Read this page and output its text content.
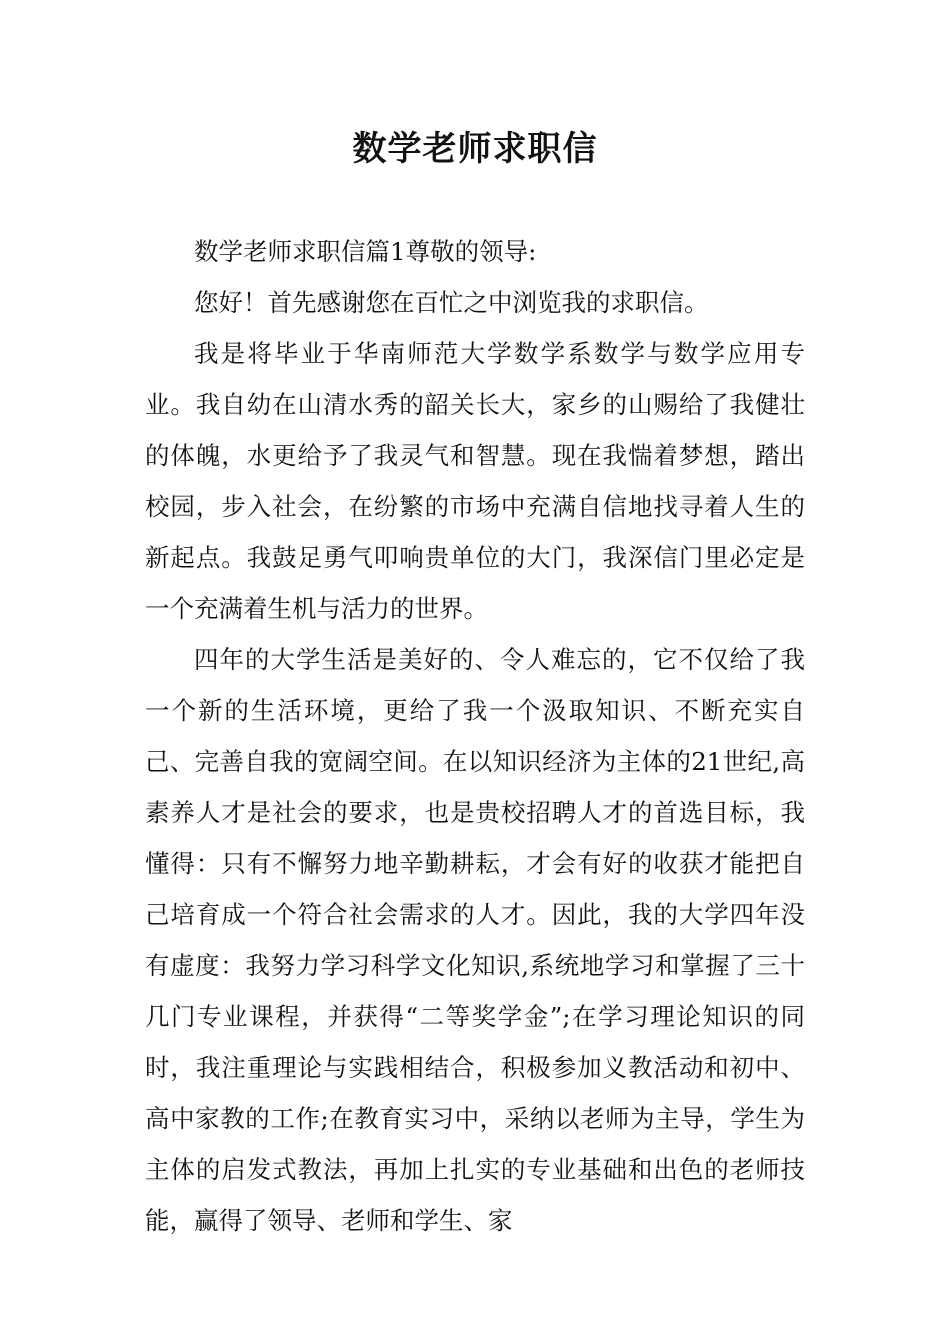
数学老师求职信

数学老师求职信篇1尊敬的领导:

您好！首先感谢您在百忙之中浏览我的求职信。

我是将毕业于华南师范大学数学系数学与数学应用专业。我自幼在山清水秀的韶关长大，家乡的山赐给了我健壮的体魄，水更给予了我灵气和智慧。现在我惴着梦想，踏出校园，步入社会，在纷繁的市场中充满自信地找寻着人生的新起点。我鼓足勇气叩响贵单位的大门，我深信门里必定是一个充满着生机与活力的世界。

四年的大学生活是美好的、令人难忘的，它不仅给了我一个新的生活环境，更给了我一个汲取知识、不断充实自己、完善自我的宽阔空间。在以知识经济为主体的21世纪,高素养人才是社会的要求，也是贵校招聘人才的首选目标，我懂得：只有不懈努力地辛勤耕耘，才会有好的收获才能把自己培育成一个符合社会需求的人才。因此，我的大学四年没有虚度：我努力学习科学文化知识,系统地学习和掌握了三十几门专业课程，并获得“二等奖学金”;在学习理论知识的同时，我注重理论与实践相结合，积极参加义教活动和初中、高中家教的工作;在教育实习中，采纳以老师为主导，学生为主体的启发式教法，再加上扎实的专业基础和出色的老师技能，赢得了领导、老师和学生、家
